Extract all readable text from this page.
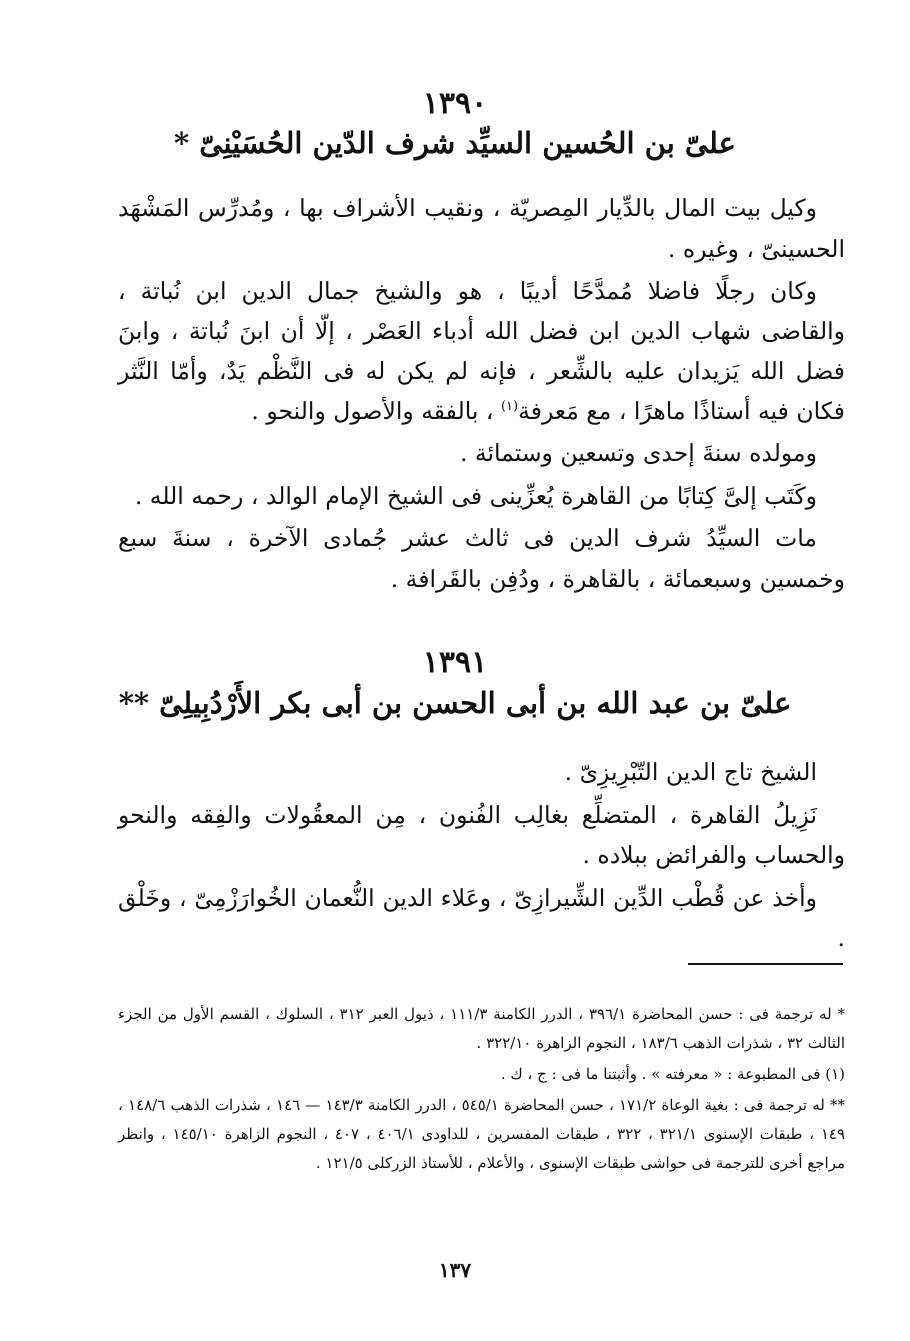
١٣٩٠
علىّ بن الحُسين السيِّد شرف الدّين الحُسَيْنِىّ *

وكيل بيت المال بالدِّيار المِصريّة ، ونقيب الأشراف بها ، ومُدرِّس المَشْهَد الحسينىّ ، وغيره .

وكان رجلًا فاضلا مُمدَّحًا أديبًا ، هو والشيخ جمال الدين ابن نُباتة ، والقاضى شهاب الدين ابن فضل الله أدباء العَصْر ، إلّا أن ابنَ نُباتة ، وابنَ فضل الله يَزيدان عليه بالشِّعر ، فإنه لم يكن له فى النَّظْم يَدٌ، وأمّا النَّثر فكان فيه أستاذًا ماهرًا ، مع مَعرفة$^{(١)}$ ، بالفقه والأصول والنحو .

ومولده سنةَ إحدى وتسعين وستمائة .

وكَتَب إلىَّ كِتابًا من القاهرة يُعزِّينى فى الشيخ الإمام الوالد ، رحمه الله .

مات السيِّدُ شرف الدين فى ثالث عشر جُمادى الآخرة ، سنةَ سبع وخمسين وسبعمائة ، بالقاهرة ، ودُفِن بالقَرافة .

١٣٩١
علىّ بن عبد الله بن أبى الحسن بن أبى بكر الأَرْدُبِيلِىّ **

الشيخ تاج الدين التّبْرِيزِىّ .

نَزِيلُ القاهرة ، المتضلِّع بغالِب الفُنون ، مِن المعقُولات والفِقه والنحو والحساب والفرائض ببلاده .

وأخذ عن قُطْب الدِّين الشِّيرازِىّ ، وعَلاء الدين النُّعمان الخُوارَزْمِىّ ، وخَلْق .

* له ترجمة فى : حسن المحاضرة ٣٩٦/١ ، الدرر الكامنة ١١١/٣ ، ذيول العبر ٣١٢ ، السلوك ، القسم الأول من الجزء الثالث ٣٢ ، شذرات الذهب ١٨٣/٦ ، النجوم الزاهرة ٣٢٢/١٠ .

(١) فى المطبوعة : « معرفته » . وأثبتنا ما فى : ج ، ك .

** له ترجمة فى : بغية الوعاة ١٧١/٢ ، حسن المحاضرة ٥٤٥/١ ، الدرر الكامنة ١٤٣/٣ — ١٤٦ ، شذرات الذهب ١٤٨/٦ ، ١٤٩ ، طبقات الإسنوى ٣٢١/١ ، ٣٢٢ ، طبقات المفسرين ، للداودى ٤٠٦/١ ، ٤٠٧ ، النجوم الزاهرة ١٤٥/١٠ ، وانظر مراجع أخرى للترجمة فى حواشى طبقات الإسنوى ، والأعلام ، للأستاذ الزركلى ١٢١/٥ .

١٣٧
